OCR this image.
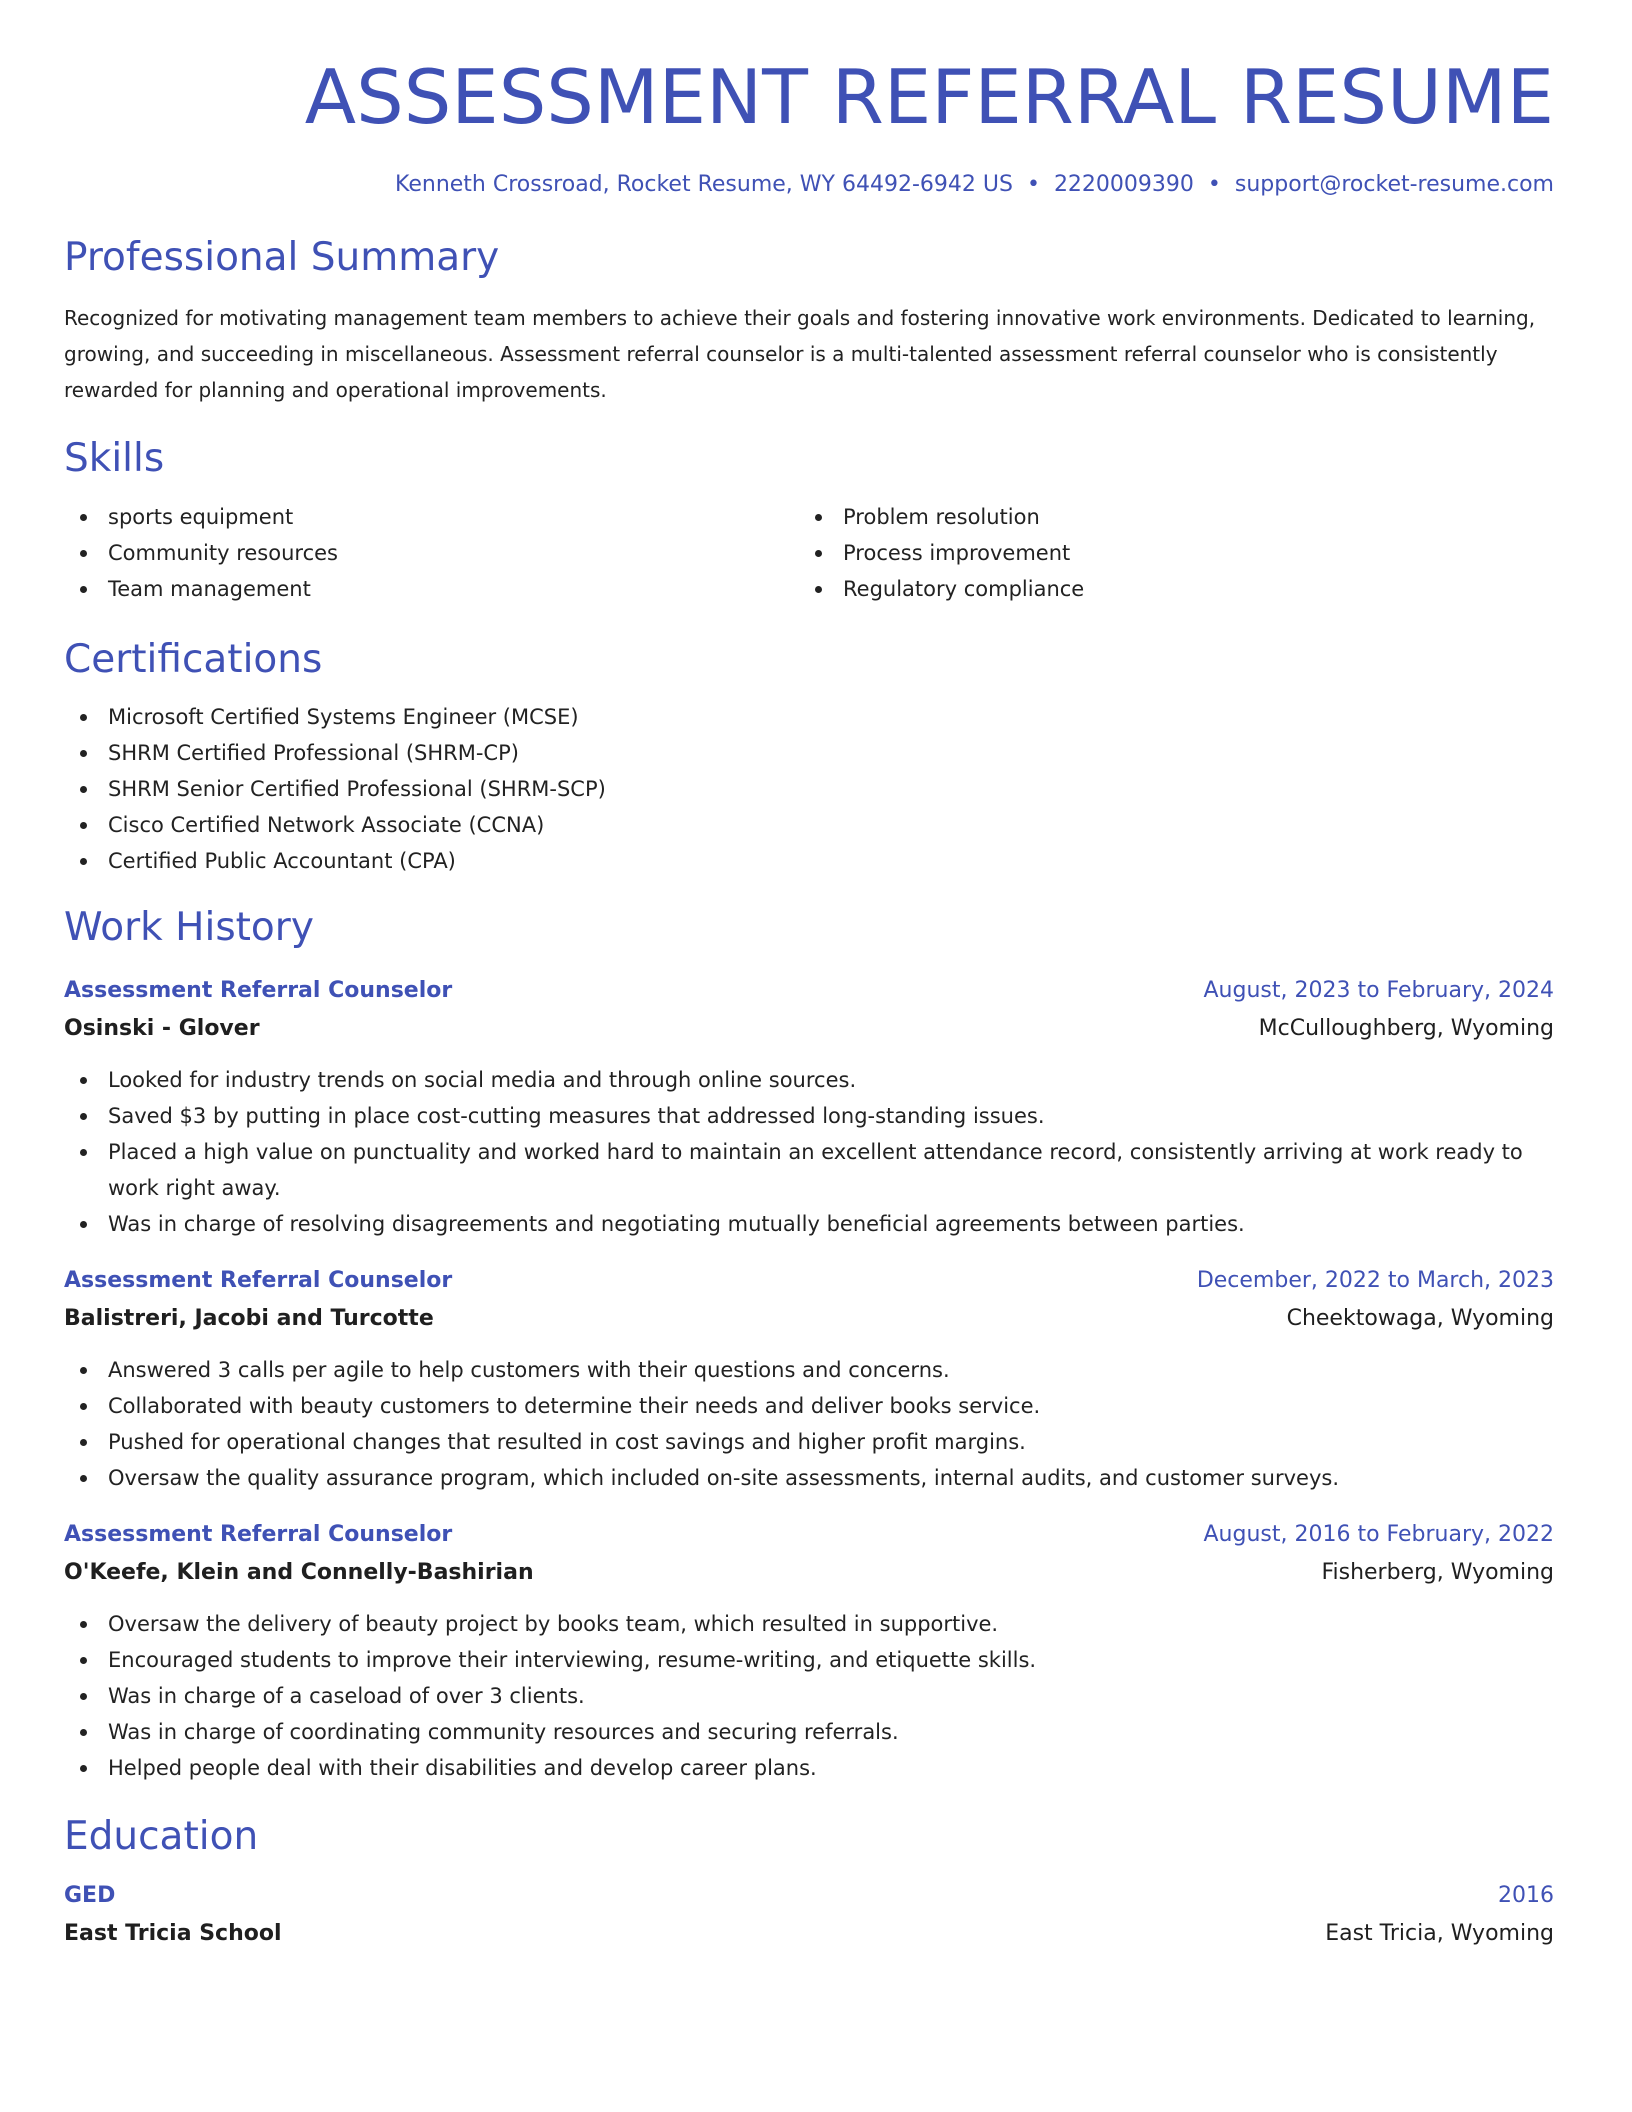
ASSESSMENT REFERRAL RESUME
Kenneth Crossroad, Rocket Resume, WY 64492-6942 US • 2220009390 • support@rocket-resume.com
Professional Summary
Recognized for motivating management team members to achieve their goals and fostering innovative work environments. Dedicated to learning, growing, and succeeding in miscellaneous. Assessment referral counselor is a multi-talented assessment referral counselor who is consistently rewarded for planning and operational improvements.
Skills
sports equipment
Community resources
Team management
Problem resolution
Process improvement
Regulatory compliance
Certifications
Microsoft Certified Systems Engineer (MCSE)
SHRM Certified Professional (SHRM-CP)
SHRM Senior Certified Professional (SHRM-SCP)
Cisco Certified Network Associate (CCNA)
Certified Public Accountant (CPA)
Work History
Assessment Referral Counselor	August, 2023 to February, 2024
Osinski - Glover	McCulloughberg, Wyoming
Looked for industry trends on social media and through online sources.
Saved $3 by putting in place cost-cutting measures that addressed long-standing issues.
Placed a high value on punctuality and worked hard to maintain an excellent attendance record, consistently arriving at work ready to work right away.
Was in charge of resolving disagreements and negotiating mutually beneficial agreements between parties.
Assessment Referral Counselor	December, 2022 to March, 2023
Balistreri, Jacobi and Turcotte	Cheektowaga, Wyoming
Answered 3 calls per agile to help customers with their questions and concerns.
Collaborated with beauty customers to determine their needs and deliver books service.
Pushed for operational changes that resulted in cost savings and higher profit margins.
Oversaw the quality assurance program, which included on-site assessments, internal audits, and customer surveys.
Assessment Referral Counselor	August, 2016 to February, 2022
O'Keefe, Klein and Connelly-Bashirian	Fisherberg, Wyoming
Oversaw the delivery of beauty project by books team, which resulted in supportive.
Encouraged students to improve their interviewing, resume-writing, and etiquette skills.
Was in charge of a caseload of over 3 clients.
Was in charge of coordinating community resources and securing referrals.
Helped people deal with their disabilities and develop career plans.
Education
GED	2016
East Tricia School	East Tricia, Wyoming
